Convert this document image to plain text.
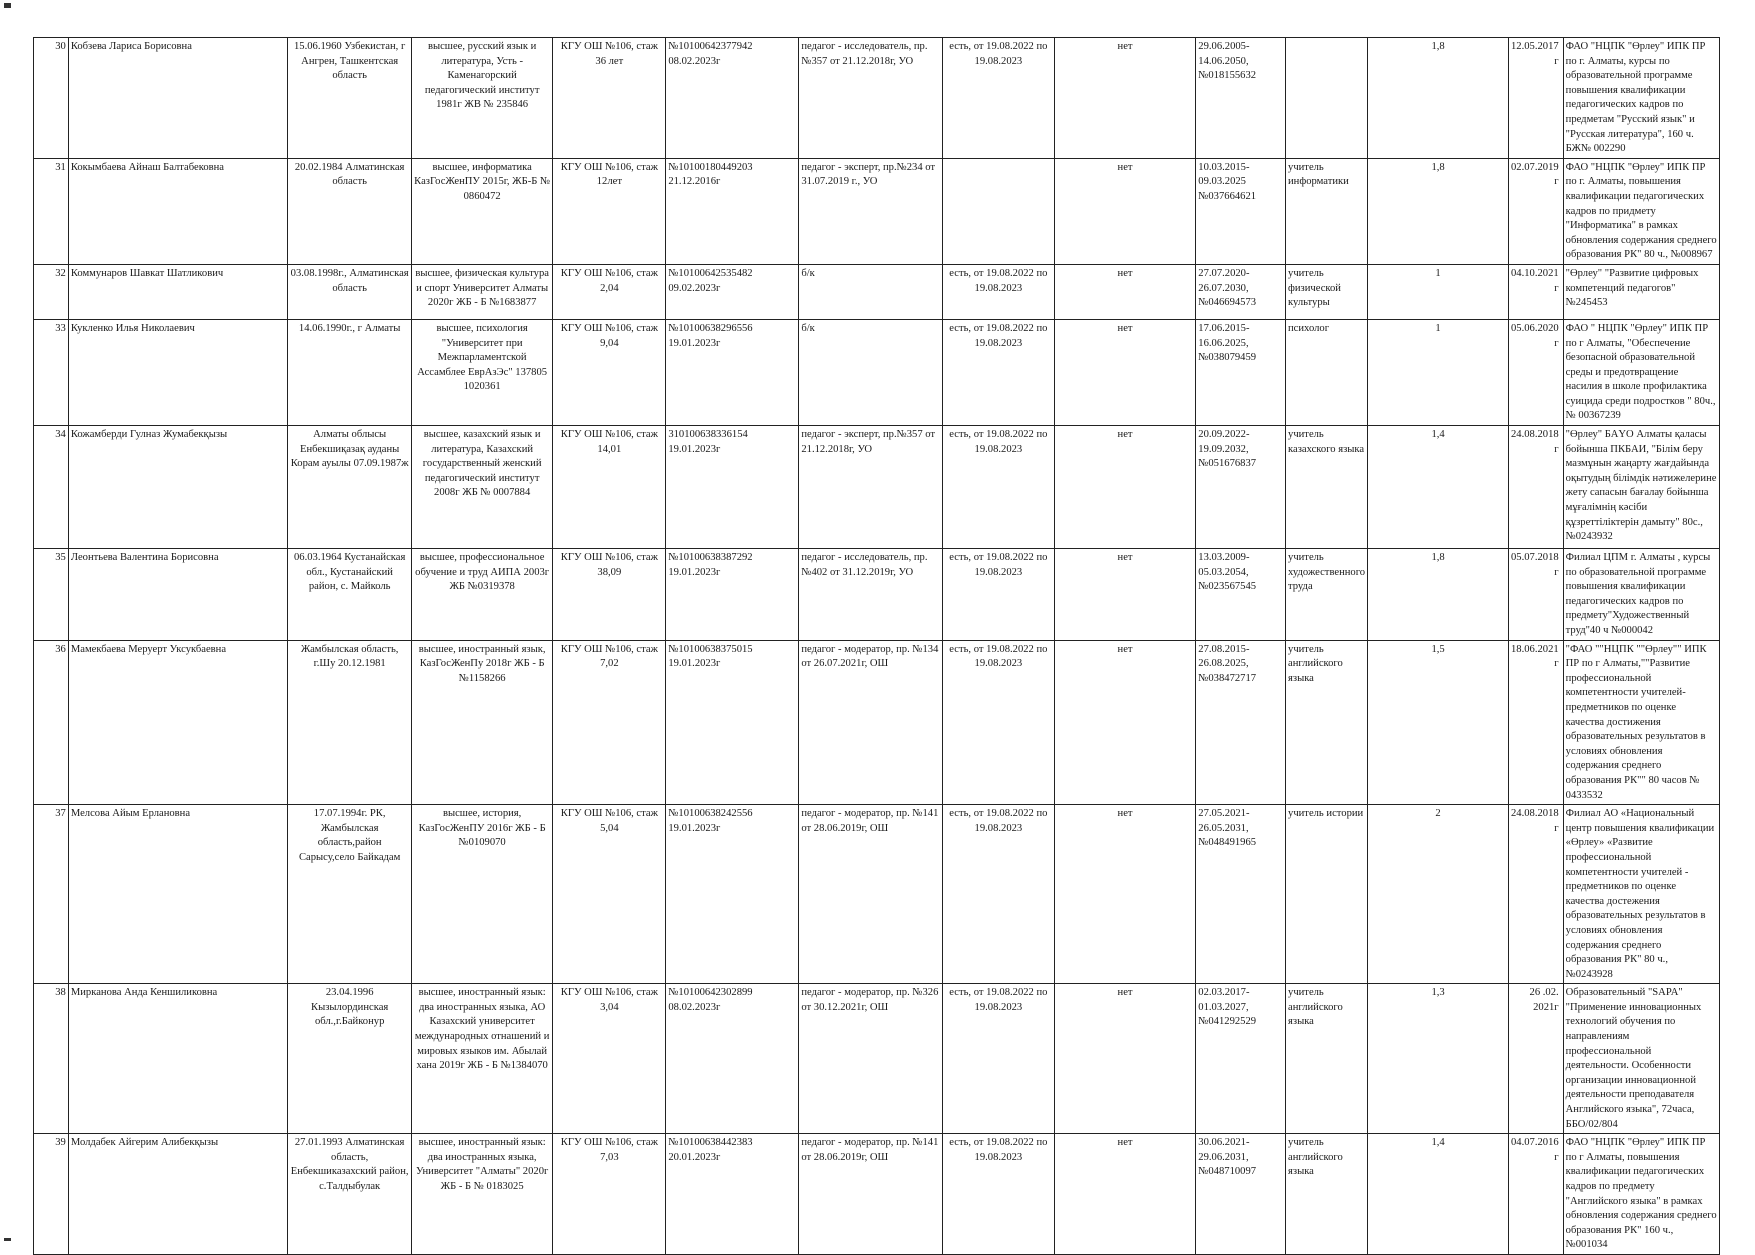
30	Кобзева Лариса Борисовна	15.06.1960 Узбекистан, г Ангрен, Ташкентская область	высшее, русский язык и литература, Усть - Каменагорский педагогический институт 1981г ЖВ № 235846	КГУ ОШ №106, стаж 36 лет	№10100642377942 08.02.2023г	педагог - исследователь, пр.№357 от 21.12.2018г, УО	есть, от 19.08.2022 по 19.08.2023	нет	29.06.2005- 14.06.2050, №018155632		1,8	12.05.2017г	ФАО "НЦПК "Өрлеу" ИПК ПР по г. Алматы, курсы по образовательной программе повышения квалификации педагогических кадров по предметам "Русский язык" и "Русская литература", 160 ч. БЖ№ 002290
31	Кокымбаева Айнаш Балтабековна	20.02.1984 Алматинская область	высшее, информатика КазГосЖенПУ 2015г, ЖБ-Б № 0860472	КГУ ОШ №106, стаж 12лет	№10100180449203 21.12.2016г	педагог - эксперт, пр.№234 от 31.07.2019 г., УО		нет	10.03.2015- 09.03.2025 №037664621	учитель информатики	1,8	02.07.2019г	ФАО "НЦПК "Өрлеу" ИПК ПР по г. Алматы, повышения квалификации педагогических кадров по придмету "Информатика" в рамках обновления содержания среднего образования РК" 80 ч., №008967
32	Коммунаров Шавкат Шатликович	03.08.1998г., Алматинская область	высшее, физическая культура и спорт Университет Алматы 2020г ЖБ - Б №1683877	КГУ ОШ №106, стаж 2,04	№10100642535482 09.02.2023г	б/к	есть, от 19.08.2022 по 19.08.2023	нет	27.07.2020- 26.07.2030, №046694573	учитель физической культуры	1	04.10.2021г	"Өрлеу" "Развитие цифровых компетенций педагогов" №245453
33	Кукленко Илья Николаевич	14.06.1990г., г Алматы	высшее, психология "Университет при Межпарламентской Ассамблее ЕврАзЭс" 137805 1020361	КГУ ОШ №106, стаж 9,04	№10100638296556 19.01.2023г	б/к	есть, от 19.08.2022 по 19.08.2023	нет	17.06.2015- 16.06.2025, №038079459	психолог	1	05.06.2020г	ФАО " НЦПК "Өрлеу" ИПК ПР по г Алматы, "Обеспечение безопасной образовательной среды и предотвращение насилия в школе профилактика суицида среди подростков " 80ч., № 00367239
34	Кожамберди Гулназ Жумабекқызы	Алматы облысы Енбекшиқазақ ауданы Корам ауылы 07.09.1987ж	высшее, казахский язык и литература, Казахский государственный женский педагогический институт 2008г ЖБ № 0007884	КГУ ОШ №106, стаж 14,01	310100638336154 19.01.2023г	педагог - эксперт, пр.№357 от 21.12.2018г, УО	есть, от 19.08.2022 по 19.08.2023	нет	20.09.2022- 19.09.2032, №051676837	учитель казахского языка	1,4	24.08.2018г	"Өрлеу" БАҮО Алматы қаласы бойынша ПКБАИ, "Білім беру мазмұнын жаңарту жағдайында оқытудың білімдік нәтижелерине жету сапасын бағалау бойынша мұғалімнің кәсіби құзреттіліктерін дамыту" 80с., №0243932
35	Леонтьева Валентина Борисовна	06.03.1964 Кустанайская обл., Кустанайский район, с. Майколь	высшее, профессиональное обучение и труд АИПА 2003г ЖБ №0319378	КГУ ОШ №106, стаж 38,09	№10100638387292 19.01.2023г	педагог - исследователь, пр. №402 от 31.12.2019г, УО	есть, от 19.08.2022 по 19.08.2023	нет	13.03.2009- 05.03.2054, №023567545	учитель художественного труда	1,8	05.07.2018г	Филиал ЦПМ г. Алматы , курсы по образовательной программе повышения квалификации педагогических кадров по предмету"Художественный труд"40 ч №000042
36	Мамекбаева Меруерт Уксукбаевна	Жамбылская область, г.Шу 20.12.1981	высшее, иностранный язык, КазГосЖенПу 2018г ЖБ - Б №1158266	КГУ ОШ №106, стаж 7,02	№10100638375015 19.01.2023г	педагог - модератор, пр. №134 от 26.07.2021г, ОШ	есть, от 19.08.2022 по 19.08.2023	нет	27.08.2015- 26.08.2025, №038472717	учитель английского языка	1,5	18.06.2021г	"ФАО ""НЦПК ""Өрлеу"" ИПК ПР по г Алматы,""Развитие профессиональной компетентности учителей-предметников по оценке качества достижения образовательных результатов в условиях обновления содержания среднего образования РК"" 80 часов № 0433532
37	Мелсова Айым Ерлановна	17.07.1994г. РК, Жамбылская область,район Сарысу,село Байкадам	высшее, история, КазГосЖенПУ 2016г ЖБ - Б №0109070	КГУ ОШ №106, стаж 5,04	№10100638242556 19.01.2023г	педагог - модератор, пр. №141 от 28.06.2019г, ОШ	есть, от 19.08.2022 по 19.08.2023	нет	27.05.2021- 26.05.2031, №048491965	учитель истории	2	24.08.2018г	Филиал АО «Национальный центр повышения квалификации «Өрлеу» «Развитие профессиональной компетентности учителей - предметников по оценке качества достежения образовательных результатов в условиях обновления содержания среднего образования РК" 80 ч., №0243928
38	Мирканова Анда Кеншиликовна	23.04.1996 Кызылординская обл.,г.Байконур	высшее, иностранный язык: два иностранных языка, АО Казахский университет международных отнашений и мировых языков им. Абылай хана 2019г ЖБ - Б №1384070	КГУ ОШ №106, стаж 3,04	№10100642302899 08.02.2023г	педагог - модератор, пр. №326 от 30.12.2021г, ОШ	есть, от 19.08.2022 по 19.08.2023	нет	02.03.2017- 01.03.2027, №041292529	учитель английского языка	1,3	26 .02. 2021г	Образовательный "SAPA" "Применение инновационных технологий обучения по направлениям профессиональной деятельности. Особенности организации инновационной деятельности преподавателя Английского языка", 72часа, ББО/02/804
39	Молдабек Айгерим Алибекқызы	27.01.1993 Алматинская область, Енбекшиказахский район, с.Талдыбулак	высшее, иностранный язык: два иностранных языка, Университет "Алматы" 2020г ЖБ - Б № 0183025	КГУ ОШ №106, стаж 7,03	№10100638442383 20.01.2023г	педагог - модератор, пр. №141 от 28.06.2019г, ОШ	есть, от 19.08.2022 по 19.08.2023	нет	30.06.2021- 29.06.2031, №048710097	учитель английского языка	1,4	04.07.2016г	ФАО "НЦПК "Өрлеу" ИПК ПР по г Алматы, повышения квалификации педагогических кадров по предмету "Английского языка" в рамках обновления содержания среднего образования РК" 160 ч., №001034
